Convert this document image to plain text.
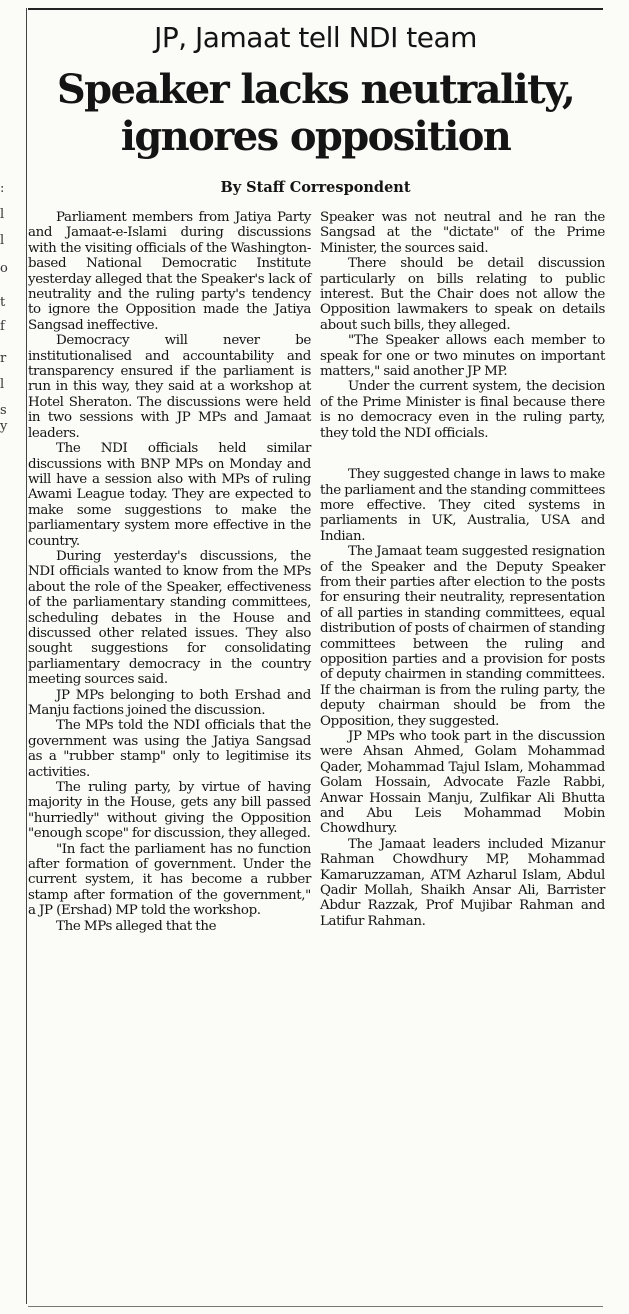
:
l
l
o
t
f
r
l
s
y
JP, Jamaat tell NDI team
Speaker lacks neutrality,
ignores opposition
By Staff Correspondent

Parliament members from Jatiya Party and Jamaat-e-Islami during discussions with the visiting officials of the Washington-based National Democratic Institute yesterday alleged that the Speaker's lack of neutrality and the ruling party's tendency to ignore the Opposition made the Jatiya Sangsad ineffective.

Democracy will never be institutionalised and accountability and transparency ensured if the parliament is run in this way, they said at a workshop at Hotel Sheraton. The discussions were held in two sessions with JP MPs and Jamaat leaders.

The NDI officials held similar discussions with BNP MPs on Monday and will have a session also with MPs of ruling Awami League today. They are expected to make some suggestions to make the parliamentary system more effective in the country.

During yesterday's discussions, the NDI officials wanted to know from the MPs about the role of the Speaker, effectiveness of the parliamentary standing committees, scheduling debates in the House and discussed other related issues. They also sought suggestions for consolidating parliamentary democracy in the country meeting sources said.

JP MPs belonging to both Ershad and Manju factions joined the discussion.

The MPs told the NDI officials that the government was using the Jatiya Sangsad as a "rubber stamp" only to legitimise its activities.

The ruling party, by virtue of having majority in the House, gets any bill passed "hurriedly" without giving the Opposition "enough scope" for discussion, they alleged.

"In fact the parliament has no function after formation of government. Under the current system, it has become a rubber stamp after formation of the government," a JP (Ershad) MP told the workshop.

The MPs alleged that the

Speaker was not neutral and he ran the Sangsad at the "dictate" of the Prime Minister, the sources said.

There should be detail discussion particularly on bills relating to public interest. But the Chair does not allow the Opposition lawmakers to speak on details about such bills, they alleged.

"The Speaker allows each member to speak for one or two minutes on important matters," said another JP MP.

Under the current system, the decision of the Prime Minister is final because there is no democracy even in the ruling party, they told the NDI officials.

They suggested change in laws to make the parliament and the standing committees more effective. They cited systems in parliaments in UK, Australia, USA and Indian.

The Jamaat team suggested resignation of the Speaker and the Deputy Speaker from their parties after election to the posts for ensuring their neutrality, representation of all parties in standing committees, equal distribution of posts of chairmen of standing committees between the ruling and opposition parties and a provision for posts of deputy chairmen in standing committees. If the chairman is from the ruling party, the deputy chairman should be from the Opposition, they suggested.

JP MPs who took part in the discussion were Ahsan Ahmed, Golam Mohammad Qader, Mohammad Tajul Islam, Mohammad Golam Hossain, Advocate Fazle Rabbi, Anwar Hossain Manju, Zulfikar Ali Bhutta and Abu Leis Mohammad Mobin Chowdhury.

The Jamaat leaders included Mizanur Rahman Chowdhury MP, Mohammad Kamaruzzaman, ATM Azharul Islam, Abdul Qadir Mollah, Shaikh Ansar Ali, Barrister Abdur Razzak, Prof Mujibar Rahman and Latifur Rahman.
